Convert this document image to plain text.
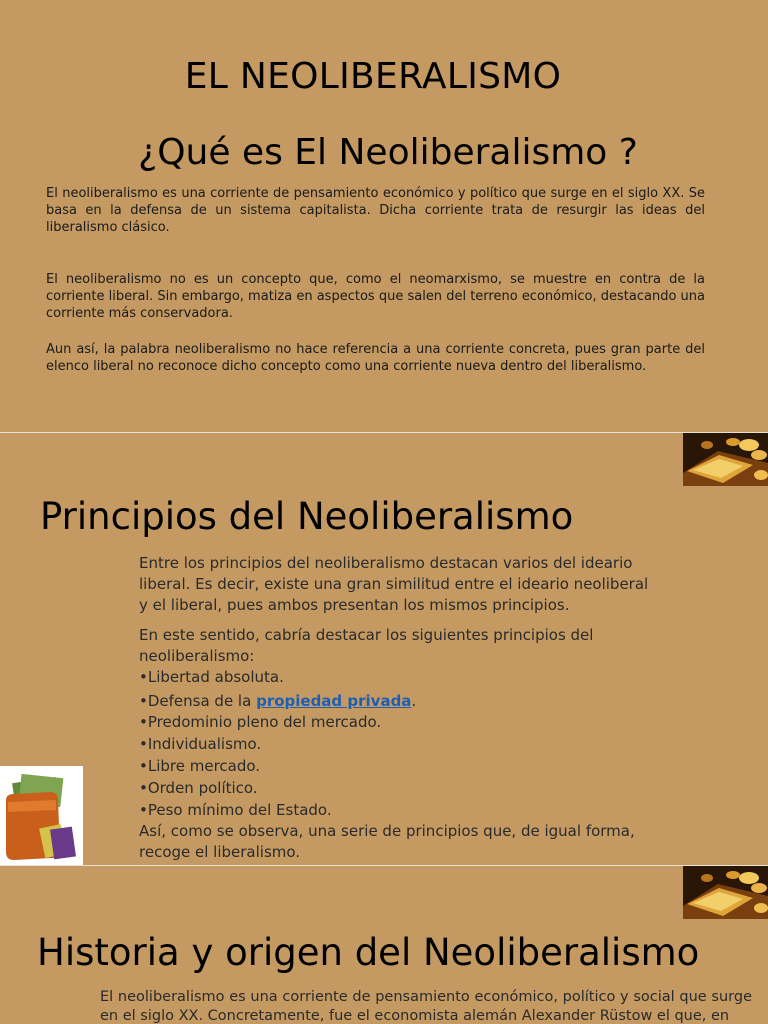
EL NEOLIBERALISMO
¿Qué es El Neoliberalismo ?

El neoliberalismo es una corriente de pensamiento económico y político que surge en el siglo XX. Se basa en la defensa de un sistema capitalista. Dicha corriente trata de resurgir las ideas del liberalismo clásico.

El neoliberalismo no es un concepto que, como el neomarxismo, se muestre en contra de la corriente liberal. Sin embargo, matiza en aspectos que salen del terreno económico, destacando una corriente más conservadora.

Aun así, la palabra neoliberalismo no hace referencia a una corriente concreta, pues gran parte del elenco liberal no reconoce dicho concepto como una corriente nueva dentro del liberalismo.

Principios del Neoliberalismo

Entre los principios del neoliberalismo destacan varios del ideario liberal. Es decir, existe una gran similitud entre el ideario neoliberal y el liberal, pues ambos presentan los mismos principios.

En este sentido, cabría destacar los siguientes principios del neoliberalismo:

•Libertad absoluta.

•Defensa de la propiedad privada.

•Predominio pleno del mercado.

•Individualismo.

•Libre mercado.

•Orden político.

•Peso mínimo del Estado.

Así, como se observa, una serie de principios que, de igual forma, recoge el liberalismo.

Historia y origen del Neoliberalismo

El neoliberalismo es una corriente de pensamiento económico, político y social que surge en el siglo XX. Concretamente, fue el economista alemán Alexander Rüstow el que, en
